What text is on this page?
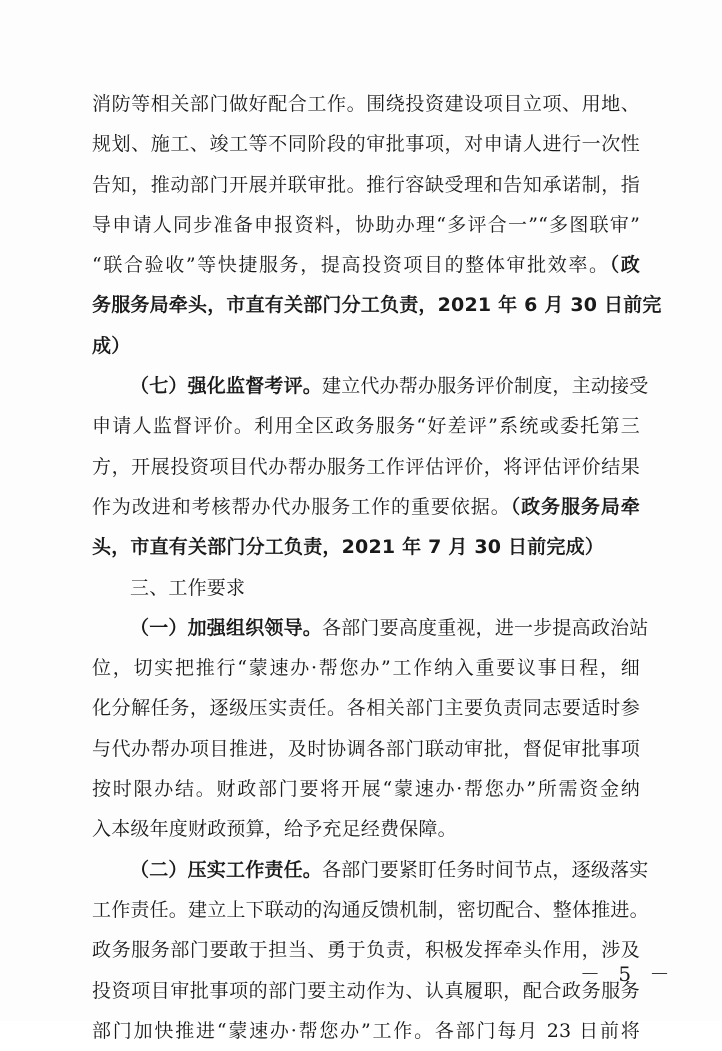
消防等相关部门做好配合工作。围绕投资建设项目立项、用地、
规划、施工、竣工等不同阶段的审批事项，对申请人进行一次性
告知，推动部门开展并联审批。推行容缺受理和告知承诺制，指
导申请人同步准备申报资料，协助办理“多评合一”“多图联审”
“联合验收”等快捷服务，提高投资项目的整体审批效率。（政
务服务局牵头，市直有关部门分工负责，2021 年 6 月 30 日前完
成）
（七）强化监督考评。建立代办帮办服务评价制度，主动接受
申请人监督评价。利用全区政务服务“好差评”系统或委托第三
方，开展投资项目代办帮办服务工作评估评价，将评估评价结果
作为改进和考核帮办代办服务工作的重要依据。（政务服务局牵
头，市直有关部门分工负责，2021 年 7 月 30 日前完成）
三、工作要求
（一）加强组织领导。各部门要高度重视，进一步提高政治站
位，切实把推行“蒙速办·帮您办”工作纳入重要议事日程，细
化分解任务，逐级压实责任。各相关部门主要负责同志要适时参
与代办帮办项目推进，及时协调各部门联动审批，督促审批事项
按时限办结。财政部门要将开展“蒙速办·帮您办”所需资金纳
入本级年度财政预算，给予充足经费保障。
（二）压实工作责任。各部门要紧盯任务时间节点，逐级落实
工作责任。建立上下联动的沟通反馈机制，密切配合、整体推进。
政务服务部门要敢于担当、勇于负责，积极发挥牵头作用，涉及
投资项目审批事项的部门要主动作为、认真履职，配合政务服务
部门加快推进“蒙速办·帮您办”工作。各部门每月 23 日前将
－ 5 －
